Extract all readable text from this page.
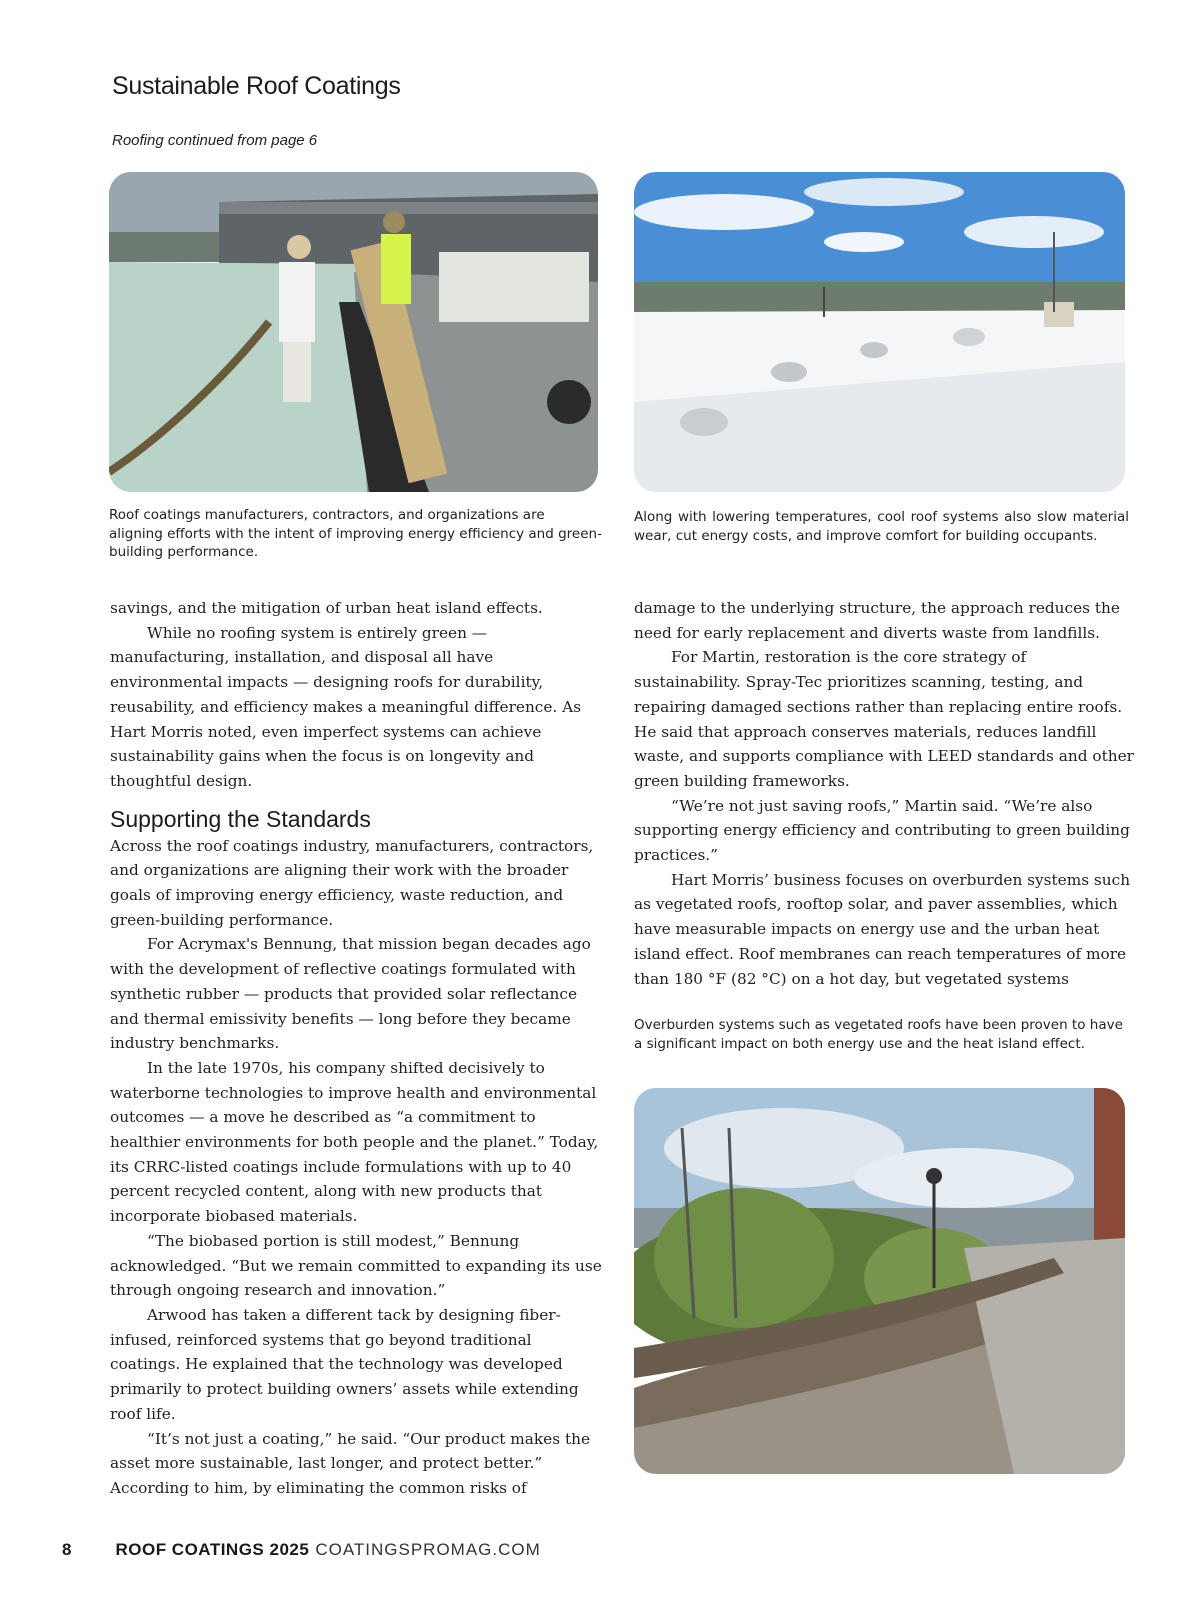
Sustainable Roof Coatings
Roofing continued from page 6
Roof coatings manufacturers, contractors, and organizations are aligning efforts with the intent of improving energy efficiency and green-building performance.
Along with lowering temperatures, cool roof systems also slow material wear, cut energy costs, and improve comfort for building occupants.

savings, and the mitigation of urban heat island effects.

While no roofing system is entirely green — manufacturing, installation, and disposal all have environmental impacts — designing roofs for durability, reusability, and efficiency makes a meaningful difference. As Hart Morris noted, even imperfect systems can achieve sustainability gains when the focus is on longevity and thoughtful design.

Supporting the Standards

Across the roof coatings industry, manufacturers, contractors, and organizations are aligning their work with the broader goals of improving energy efficiency, waste reduction, and green-building performance.

For Acrymax's Bennung, that mission began decades ago with the development of reflective coatings formulated with synthetic rubber — products that provided solar reflectance and thermal emissivity benefits — long before they became industry benchmarks.

In the late 1970s, his company shifted decisively to waterborne technologies to improve health and environmental outcomes — a move he described as “a commitment to healthier environments for both people and the planet.” Today, its CRRC-listed coatings include formulations with up to 40 percent recycled content, along with new products that incorporate biobased materials.

“The biobased portion is still modest,” Bennung acknowledged. “But we remain committed to expanding its use through ongoing research and innovation.”

Arwood has taken a different tack by designing fiber-infused, reinforced systems that go beyond traditional coatings. He explained that the technology was developed primarily to protect building owners’ assets while extending roof life.

“It’s not just a coating,” he said. “Our product makes the asset more sustainable, last longer, and protect better.” According to him, by eliminating the common risks of

damage to the underlying structure, the approach reduces the need for early replacement and diverts waste from landfills.

For Martin, restoration is the core strategy of sustainability. Spray-Tec prioritizes scanning, testing, and repairing damaged sections rather than replacing entire roofs. He said that approach conserves materials, reduces landfill waste, and supports compliance with LEED standards and other green building frameworks.

“We’re not just saving roofs,” Martin said. “We’re also supporting energy efficiency and contributing to green building practices.”

Hart Morris’ business focuses on overburden systems such as vegetated roofs, rooftop solar, and paver assemblies, which have measurable impacts on energy use and the urban heat island effect. Roof membranes can reach temperatures of more than 180 °F (82 °C) on a hot day, but vegetated systems

Overburden systems such as vegetated roofs have been proven to have a significant impact on both energy use and the heat island effect.
8	ROOF COATINGS 2025 COATINGSPROMAG.COM
